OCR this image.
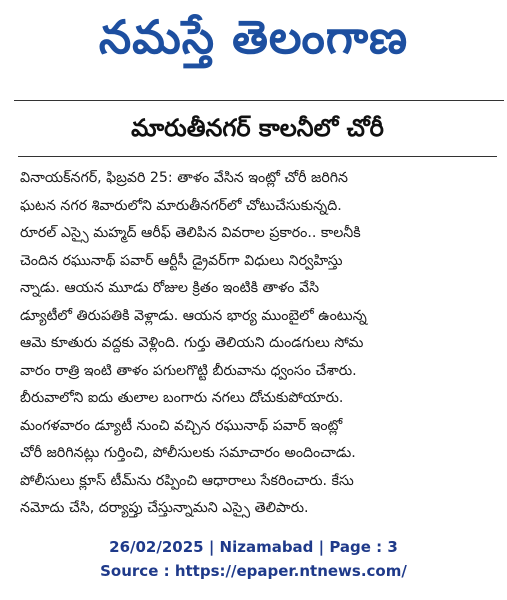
నమస్తే తెలంగాణ
మారుతీనగర్ కాలనీలో చోరీ
వినాయక్‌నగర్, ఫిబ్రవరి 25: తాళం వేసిన ఇంట్లో చోరీ జరిగిన
ఘటన నగర శివారులోని మారుతీనగర్‌లో చోటుచేసుకున్నది.
రూరల్ ఎస్సై మహ్మద్ ఆరీఫ్ తెలిపిన వివరాల ప్రకారం.. కాలనీకి
చెందిన రఘునాథ్ పవార్ ఆర్టీసీ డ్రైవర్‌గా విధులు నిర్వహిస్తు
న్నాడు. ఆయన మూడు రోజుల క్రితం ఇంటికి తాళం వేసి
డ్యూటీలో తిరుపతికి వెళ్లాడు. ఆయన భార్య ముంబైలో ఉంటున్న
ఆమె కూతురు వద్దకు వెళ్లింది. గుర్తు తెలియని దుండగులు సోమ
వారం రాత్రి ఇంటి తాళం పగులగొట్టి బీరువాను ధ్వంసం చేశారు.
బీరువాలోని ఐదు తులాల బంగారు నగలు దోచుకుపోయారు.
మంగళవారం డ్యూటీ నుంచి వచ్చిన రఘునాథ్ పవార్ ఇంట్లో
చోరీ జరిగినట్లు గుర్తించి, పోలీసులకు సమాచారం అందించాడు.
పోలీసులు క్లూస్ టీమ్‌ను రప్పించి ఆధారాలు సేకరించారు. కేసు
నమోదు చేసి, దర్యాప్తు చేస్తున్నామని ఎస్సై తెలిపారు.
26/02/2025 | Nizamabad | Page : 3
Source : https://epaper.ntnews.com/
